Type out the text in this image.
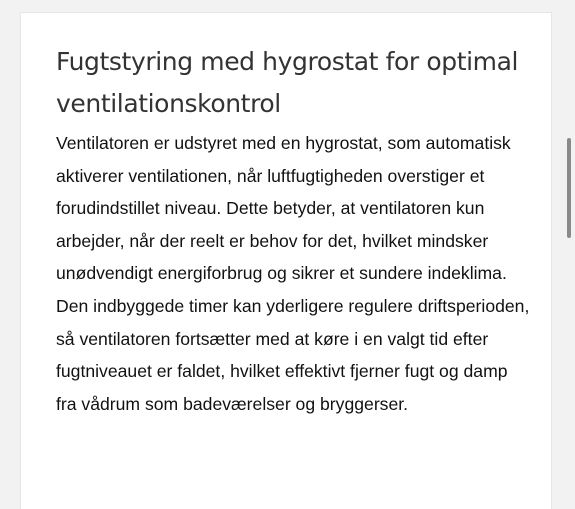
Fugtstyring med hygrostat for optimal ventilationskontrol

Ventilatoren er udstyret med en hygrostat, som automatisk aktiverer ventilationen, når luftfugtigheden overstiger et forudindstillet niveau. Dette betyder, at ventilatoren kun arbejder, når der reelt er behov for det, hvilket mindsker unødvendigt energiforbrug og sikrer et sundere indeklima. Den indbyggede timer kan yderligere regulere driftsperioden, så ventilatoren fortsætter med at køre i en valgt tid efter fugtniveauet er faldet, hvilket effektivt fjerner fugt og damp fra vådrum som badeværelser og bryggerser.
